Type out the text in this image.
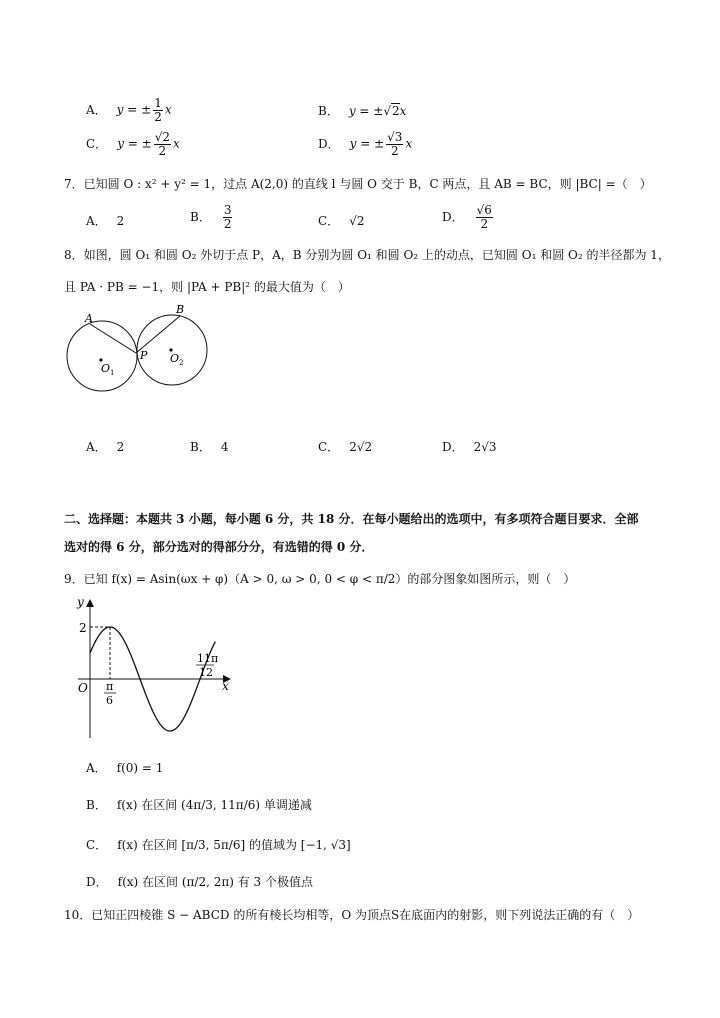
A． y = ± $\frac{1}{2}$ x	B． y = ±√2x
C． y = ± $\frac{√2}{2}$ x	D． y = ± $\frac{√3}{2}$ x
7．已知圆 O : x² + y² = 1，过点 A(2,0) 的直线 l 与圆 O 交于 B，C 两点，且 AB = BC，则 |BC| =（　）
A． 2	B． $\frac{3}{2}$	C． √2	D． $\frac{√6}{2}$
8．如图，圆 O₁ 和圆 O₂ 外切于点 P，A，B 分别为圆 O₁ 和圆 O₂ 上的动点，已知圆 O₁ 和圆 O₂ 的半径都为 1，
且 PA · PB = −1，则 |PA + PB|² 的最大值为（　）
A
B
P
O 1
O 2
A． 2	B． 4	C． 2√2	D． 2√3
二、选择题：本题共 3 小题，每小题 6 分，共 18 分．在每小题给出的选项中，有多项符合题目要求．全部
选对的得 6 分，部分选对的得部分分，有选错的得 0 分．
9．已知 f(x) = Asin(ωx + φ)（A > 0, ω > 0, 0 < φ < π/2）的部分图象如图所示，则（　）
y
x
O
2
π
6
11π
12
A． f(0) = 1
B． f(x) 在区间 (4π/3, 11π/6) 单调递减
C． f(x) 在区间 [π/3, 5π/6] 的值域为 [−1, √3]
D． f(x) 在区间 (π/2, 2π) 有 3 个极值点
10．已知正四棱锥 S − ABCD 的所有棱长均相等，O 为顶点S在底面内的射影，则下列说法正确的有（　）
